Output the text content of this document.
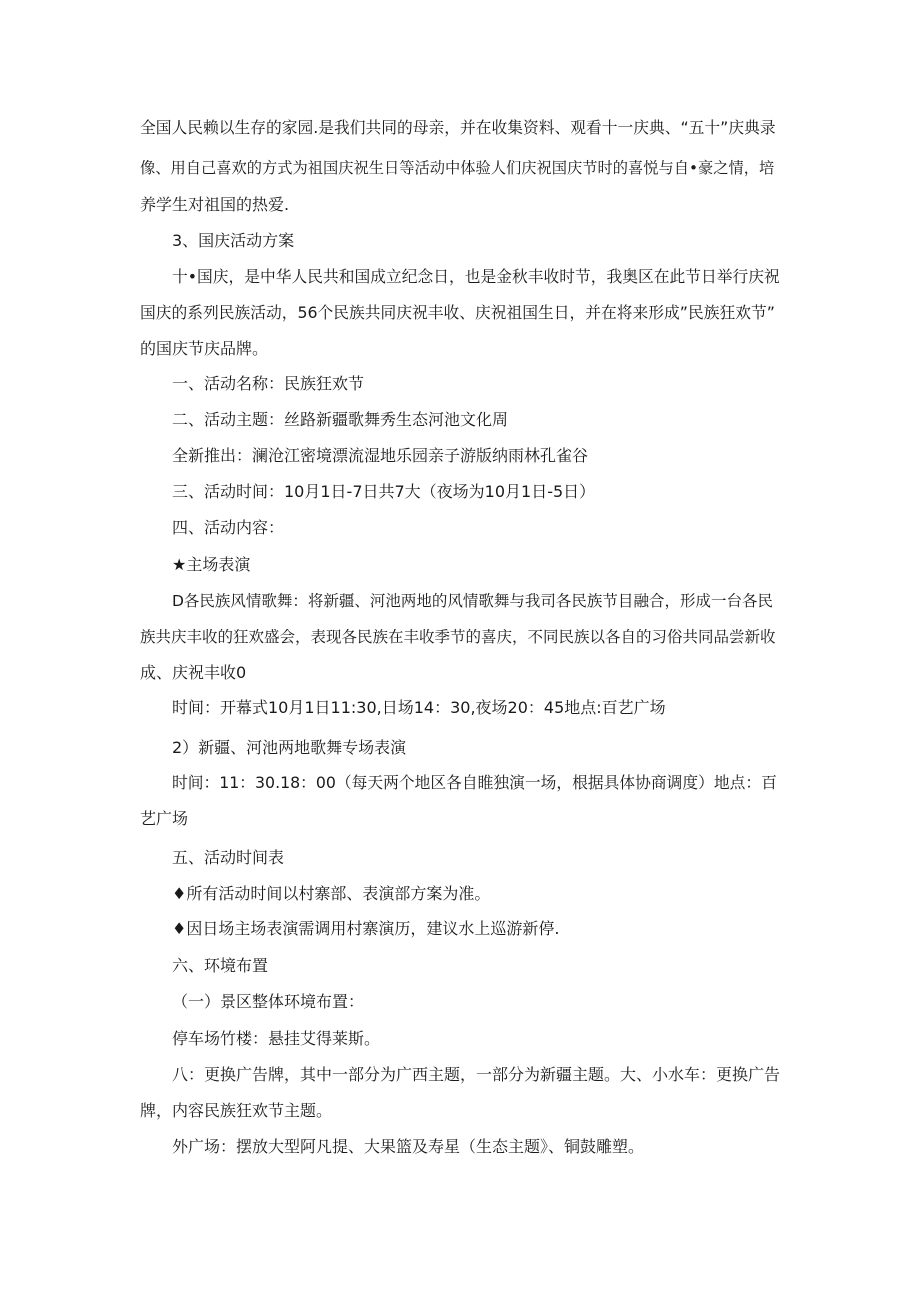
全国人民赖以生存的家园.是我们共同的母亲，并在收集资料、观看十一庆典、“五十”庆典录
像、用自己喜欢的方式为祖国庆祝生日等活动中体验人们庆祝国庆节时的喜悦与自•豪之情，培
养学生对祖国的热爱.
3、国庆活动方案
十•国庆，是中华人民共和国成立纪念日，也是金秋丰收时节，我奥区在此节日举行庆祝
国庆的系列民族活动，56个民族共同庆祝丰收、庆祝祖国生日，并在将来形成”民族狂欢节”
的国庆节庆品牌。
一、活动名称：民族狂欢节
二、活动主题：丝路新疆歌舞秀生态河池文化周
全新推出：澜沧江密境漂流湿地乐园亲子游版纳雨林孔雀谷
三、活动时间：10月1日-7日共7大（夜场为10月1日-5日）
四、活动内容：
★主场表演
D各民族风情歌舞：将新疆、河池两地的风情歌舞与我司各民族节目融合，形成一台各民
族共庆丰收的狂欢盛会，表现各民族在丰收季节的喜庆，不同民族以各自的习俗共同品尝新收
成、庆祝丰收0
时间：开幕式10月1日11:30,日场14：30,夜场20：45地点:百艺广场
2）新疆、河池两地歌舞专场表演
时间：11：30.18：00（每天两个地区各自睢独演一场，根据具体协商调度）地点：百
艺广场
五、活动时间表
♦所有活动时间以村寨部、表演部方案为准。
♦因日场主场表演需调用村寨演历，建议水上巡游新停.
六、环境布置
（一）景区整体环境布置：
停车场竹楼：悬挂艾得莱斯。
八：更换广告牌，其中一部分为广西主题，一部分为新疆主题。大、小水车：更换广告
牌，内容民族狂欢节主题。
外广场：摆放大型阿凡提、大果篮及寿星（生态主题》、铜鼓雕塑。
